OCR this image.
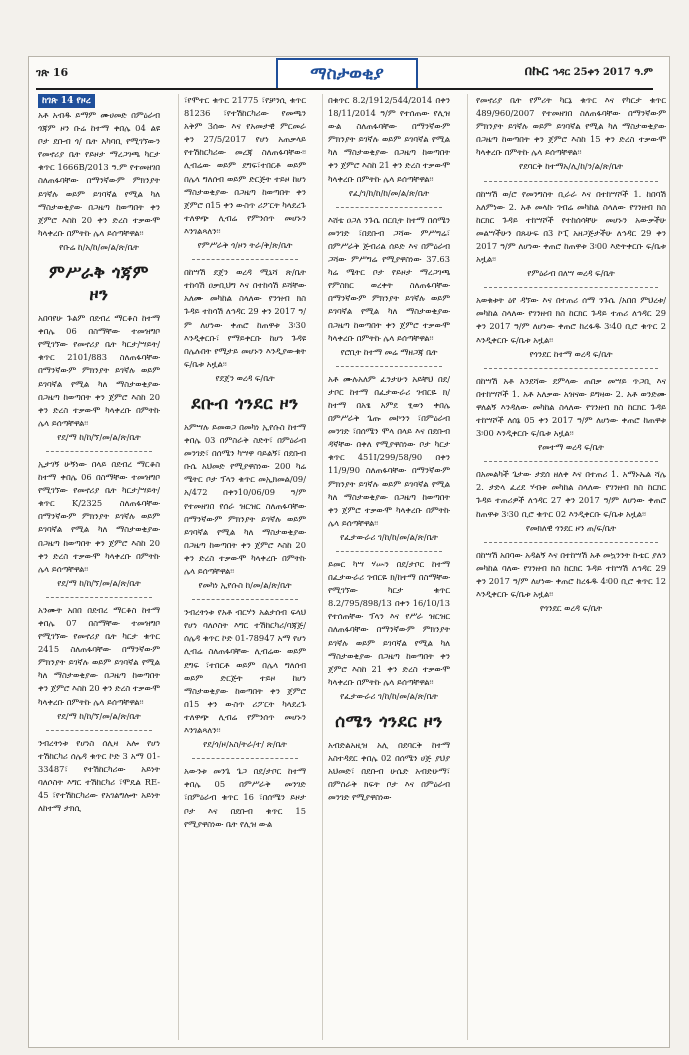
ገጽ 16	ማስታወቂያ	በኩር ኅዳር 25ቀን 2017 ዓ.ም
ከገጽ 14 የዞረ

አቶ አብዱ ይማም ሙሀመድ በምዕራብ ጎጃም ዞን ቡሬ ከተማ ቀበሌ 04 ልዩ ቦታ ደቡብ ጎ/ ቤት አካባቢ የሚገኘውን የመኖሪያ ቤት የይዞታ ማረጋገጫ ካርታ ቁጥር 1666B/2013 ዓ.ም የተመዘገበ ስለጠፋባቸው በማንኛውም ምክንያት ይገኛሉ ወይም ይገባኛል የሚል ካለ ማስታወቂያው በጋዜጣ ከወጣበት ቀን ጀምሮ እስከ 20 ቀን ድረስ ተቃውሞ ካላቀረቡ በምትኩ ሌላ ይሰጣቸዋል፡፡

የቡሬ ከ/አ/ከ/መ/ል/ጽ/ቤት
ምሥራቅ ጎጃም ዞን

አበባየሁ ጉልም በደብረ ማርቆስ ከተማ ቀበሌ 06 በስማቸው ተመዝግቦ የሚገኘው የመኖሪያ ቤት ካርታ/ሣይት/ ቁጥር 2101/883 ስለጠፋባቸው በማንኛውም ምክንያት ይገኛሉ ወይም ይገባኛል የሚል ካለ ማስታወቂያው በጋዜጣ ከወጣበት ቀን ጀምሮ እስከ 20 ቀን ድረስ ተቃውሞ ካላቀረቡ በምትኩ ሌላ ይሰጣቸዋል፡፡

የደ/ማ ከ/ከ/ኘ/መ/ል/ጽ/ቤት

ኢታገኝ ሁኝነው በላይ በደብረ ማርቆስ ከተማ ቀበሌ 06 በስማቸው ተመዝግቦ የሚገኘው የመኖሪያ ቤት ካርታ/ሣይት/ ቁጥር K/2325 ስለጠፋባቸው በማንኛውም ምክንያት ይገኛሉ ወይም ይገባኛል የሚል ካለ ማስታወቂያው በጋዜጣ ከወጣበት ቀን ጀምሮ እስከ 20 ቀን ድረስ ተቃውሞ ካላቀረቡ በምትኩ ሌላ ይሰጣቸዋል፡፡

የደ/ማ ከ/ከ/ኘ/መ/ል/ጽ/ቤት

አንሙት አበበ በደብረ ማርቆስ ከተማ ቀበሌ 07 በስማቸው ተመዝግቦ የሚገኘው የመኖሪያ ቤት ካርታ ቁጥር 2415 ስለጠፋባቸው በማንኛውም ምክንያት ይገኛሉ ወይም ይገባኛል የሚል ካለ ማስታወቂያው በጋዜጣ ከወጣበት ቀን ጀምሮ እስከ 20 ቀን ድረስ ተቃውሞ ካላቀረቡ በምትኩ ሌላ ይሰጣቸዋል፡፡

የደ/ማ ከ/ከ/ኘ/መ/ል/ጽ/ቤት

ንብረትነቱ የሆነስ ሰሊዛ አሎ የሆነ ተሽከርካሪ ሰሌዳ ቁጥር ኮድ 3 አማ 01-33487፣ የተሽከርካሪው አይነት ባለሶስት እግር ተሽከርካሪ ፣ሞዴል RE-45 ፣የተሽከርካሪው የአገልግሎት አይነት ለከተማ ታክሲ

፣የሞተር ቁጥር 21775 ፣የቻንሲ ቁጥር 81236 ፣የተሽከርካሪው የመጫን አቅም 3ሰው እና የአመታዊ ምርመራ ቀን 27/5/2017 የሆነ አጠቃላይ የተሽከርካሪው መረጃ ስለጠፋባቸው፡፡ ሊብሬው ወይም ደግፍ፣ተበርቶ ወይም በሌላ ግለሰብ ወይም ድርጅት ተይዞ ከሆነ ማስታወቂያው በጋዜጣ ከወጣበት ቀን ጀምሮ በ15 ቀን ውስጥ ሪፖርት ካላደረጉ ተለዋጭ ሊብሬ የምንሰጥ መሆኑን እንገልጻለን፡፡

የምሥራቅ ጎ/ዞን ትራ/ቅ/ጽ/ቤት

በከሣሽ ደጀን ወረዳ ሚኒሻ ጽ/ቤት ተከሳሽ ዐቃቢህግ እና በተከሳሽ ይሻቸው አለሙ መካከል ስላለው የንዝብ ክስ ጉዳይ ተከሳሽ ለኅዳር 29 ቀን 2017 ዓ/ም ለሆነው ቀጠሮ ከጠዋቱ 3፡30 እንዲቀርቡ፣ የማይቀርቡ ከሆነ ጉዳዩ በሌሉበት የሚታይ መሆኑን እንዲያውቁት ፍ/ቤቱ አዟል፡፡

የደጀን ወረዳ ፍ/ቤት
ደቡብ ጎንደር ዞን

አምሣሉ ይመወጋ በመካነ ኢየሱስ ከተማ ቀበሌ 03 በምስራቅ ስድት፣ በምዕራብ መንገድ፣ በሰሜን ካሣዋ ባይልኝ፣ በደቡብ ቡሴ አህመድ የሚያዋስነው 200 ካሬ ሜትር ቦታ ፕላን ቁጥር መኢክመል/09/አ/472 በቀን10/06/09 ዓ/ም የተመዘገበ የሰራ ዝርዝር ስለጠፋባቸው በማንኛውም ምክንያት ይገኛሉ ወይም ይገባኛል የሚል ካለ ማስታወቂያው በጋዜጣ ከወጣበት ቀን ጀምሮ እስከ 20 ቀን ድረስ ተቃውሞ ካላቀረቡ በምትኩ ሌላ ይሰጣቸዋል፡፡

የመካነ ኢየሱስ ከ/መ/ል/ጽ/ቤት

ንብረትነቱ የአቶ ብርሃን አልታሰብ ፍላህ የሆነ ባለሶስት እግር ተሽከርካሪ/ባጃጅ/ ሰሌዳ ቁጥር ኮድ 01-78947 አማ የሆነ ሊብሬ ስለጠፋባቸው ሊብሬው ወይም ደግፍ ፣ተበርቶ ወይም በሌላ ግለሰብ ወይም ድርጅት ተይዞ ከሆነ ማስታወቂያው ከወጣበት ቀን ጀምሮ በ15 ቀን ውስጥ ሪፖርት ካላደረጉ ተለዋጭ ሊብሬ የምንሰጥ መሆኑን እንገልጻለን፡፡

የደ/ጎ/ዞ/አስ/ትራ/ተ/ ጽ/ቤት

አውንቱ መንጌ ጌጋ በደ/ታቦር ከተማ ቀበሌ 05 በምሥራቅ መንገድ ፣በምዕራብ ቁጥር 16 ፣በሰሜን ይዞታ ቦታ እና በደቡብ ቁጥር 15 የሚያዋስነው ቤት የሊዝ ውል

በቁጥር 8.2/1912/544/2014 በቀን 18/11/2014 ዓ/ም የተሰጠው የሊዝ ውል ስለጠፋባቸው በማንኛውም ምክንያት ይገኛሉ ወይም ይገባኛል የሚል ካለ ማስታወቂያው በጋዜጣ ከወጣበት ቀን ጀምሮ እስከ 21 ቀን ድረስ ተቃውሞ ካላቀረቡ በምትኩ ሌላ ይሰጣቸዋል፡፡

የፈ/ገ/ከ/ከ/ከ/መ/ል/ጽ/ቤት

እሸቴ ዐጋለ ንጉሴ በርቢት ከተማ በሰሜን መንገድ ፣በደቡብ ጋሻው ምሥግሬ፣ በምሥራቅ ጅብሪል ሰይድ እና በምዕራብ ጋሻው ምሥግሬ የሚያዋስነው 37.63 ካሬ ሜትር ቦታ የይዞታ ማረጋገጫ የምስክር ወረቀት ስለጠፋባቸው በማንኛውም ምክንያት ይገኛሉ ወይም ይገባኛል የሚል ካለ ማስታወቂያው በጋዜጣ ከወጣበት ቀን ጀምሮ ተቃውሞ ካላቀረቡ በምትኩ ሌላ ይሰጣቸዋል፡፡

የሮቢት ከተማ መሬ ማዘጋጃ ቤት

አቶ ሙሉአለም ፈንታሁን አይቸህ በደ/ታቦር ከተማ በፈታውራሪ ገብርዬ ክ/ከተማ በአፄ አምደ ፂወን ቀበሌ በምሥራቅ ጌጡ መኮንን ፣በምዕራብ መንገድ ፣በሰሜን ሞላ በላይ እና በደቡብ ዳኛቸው በቀለ የሚያዋስነው ቦታ ካርታ ቁጥር 451I/299/58/90 በቀን 11/9/90 ስለጠፋባቸው በማንኛውም ምክንያት ይገኛሉ ወይም ይገባኛል የሚል ካለ ማስታወቂያው በጋዜጣ ከወጣበት ቀን ጀምሮ ተቃውሞ ካላቀረቡ በምትኩ ሌላ ይሰጣቸዋል፡፡

የፈታውራሪ ገ/ከ/ከ/መ/ል/ጽ/ቤት

ይመር ካሣ ሃሡን በደ/ታቦር ከተማ በፈታውራሪ ገብርዬ ክ/ከተማ በስማቸው የሚገኘው ካርታ ቁጥር 8.2/795/898/13 በቀን 16/10/13 የተሰጠቸው ፕላን እና የሥራ ዝርዝር ስለጠፋባቸው በማንኛውም ምክንያት ይገኛሉ ወይም ይገባኛል የሚል ካለ ማስታወቂያው በጋዜጣ ከወጣበት ቀን ጀምሮ እስከ 21 ቀን ድረስ ተቃውሞ ካላቀረቡ በምትኩ ሌላ ይሰጣቸዋል፡፡

የፈታውራሪ ገ/ከ/ከ/መ/ል/ጽ/ቤት
ሰሜን ጎንደር ዞን

አብድልአዚዝ አሊ በደባርቅ ከተማ አስተዳደር ቀበሌ 02 በሰሜን ሀጅ ያህያ አህመድ፣ በደቡብ ሁሴድ አብድሁማ፣ በምስራቅ ክፍት ቦታ እና በምዕራብ መንገድ የሚያዋስነው

የመኖሪያ ቤት የምሪት ካርኔ ቁጥር እና የካርታ ቁጥር 489/960/2007 የተመዘገበ ስለጠፋባቸው በማንኛውም ምክንያት ይገኛሉ ወይም ይገባኛል የሚል ካለ ማስታወቂያው በጋዜጣ ከወጣበት ቀን ጀምሮ እስከ 15 ቀን ድረስ ተቃውሞ ካላቀረቡ በምትኩ ሌላ ይሰጣቸዋል፡፡

የደባርቅ ከተማአ/ሊ/ከ/ን/ል/ጽ/ቤት

በከሣሽ ወ/ሮ የመንግስት ቢራራ እና በተከሣሾች 1. ከበባሽ አለምነው 2. አቶ መላኩ ገብሬ መካከል ስላለው የገንዘብ ክስ ከርክር ጉዳይ ተከሣሾች የተከሰሳቸሁ መሆኑን አውቃችሁ መልሣችሁን በጹሁፍ በ3 ኮፒ አዘጋጅታችሁ ለኅዳር 29 ቀን 2017 ዓ/ም ለሆነው ቀጠሮ ከጠዋቱ 3፡00 እድትቀርቡ ፍ/ቤቱ አዟል፡፡

የምዕራብ በለሣ ወረዳ ፍ/ቤት

አወቁቱት ዕየ ዳኘው እና በተጠሪ ሰማ ንጉሴ /አበበ ምህረቱ/ መካከል ስላለው የገንዘብ ክስ ከርክር ጉዳይ ተጠሪ ለኅዳር 29 ቀን 2017 ዓ/ም ለሆነው ቀጠሮ ከረፋዱ 3፡40 ቢሮ ቁጥር 2 እንዲቀርቡ ፍ/ቤቱ አዟል፡፡

የጎንደር ከተማ ወረዳ ፍ/ቤት

በከሣሽ አቶ አንደሻው ደምላው ጠበቃ መሣይ ጥጋቢ እና በተከሣሾች 1. አቶ አለቃው አዝናው ይግዛው 2. አቶ ወንድሙ ዋለልኝ እንዳለው መካከል ስላለው የገንዘብ ክስ ከርክር ጉዳይ ተከሣሾች ለሰኔ 05 ቀን 2017 ዓ/ም ለሆነው ቀጠሮ ከጠዋቱ 3፡00 እንዲቀርቡ ፍ/ቤቱ አዟል፡፡

የመተማ ወረዳ ፍ/ቤት

በአመልካች ጌታው ታደሰ ዘለቀ እና በተጠሪ 1. አማኑኤል ሻሌ 2. ታድላ ፈረደ ሃብቱ መካከል ስላለው የገንዘብ ክስ ከርክር ጉዳይ ተጠሪዎች ለኅዳር 27 ቀን 2017 ዓ/ም ለሆነው ቀጠሮ ከጠዋቱ 3፡30 ቢሮ ቁጥር 02 እንዲቀርቡ ፍ/ቤቱ አዟል፡፡

የመክለዊ ጎንደር ዞን ጠ/ፍ/ቤት

በከሣሽ አበባው አዳልኝ እና በተከሣሽ አቶ መኳንንት ኩቴር ያለን መካከል ባለው የገንዘብ ክስ ከርክር ጉዳይ ተከሣሽ ለኅዳር 29 ቀን 2017 ዓ/ም ለሆነው ቀጠሮ ከረፋዱ 4፡00 ቢሮ ቁጥር 12 እንዲቀርቡ ፍ/ቤቱ አዟል፡፡

የጎንደር ወረዳ ፍ/ቤት
